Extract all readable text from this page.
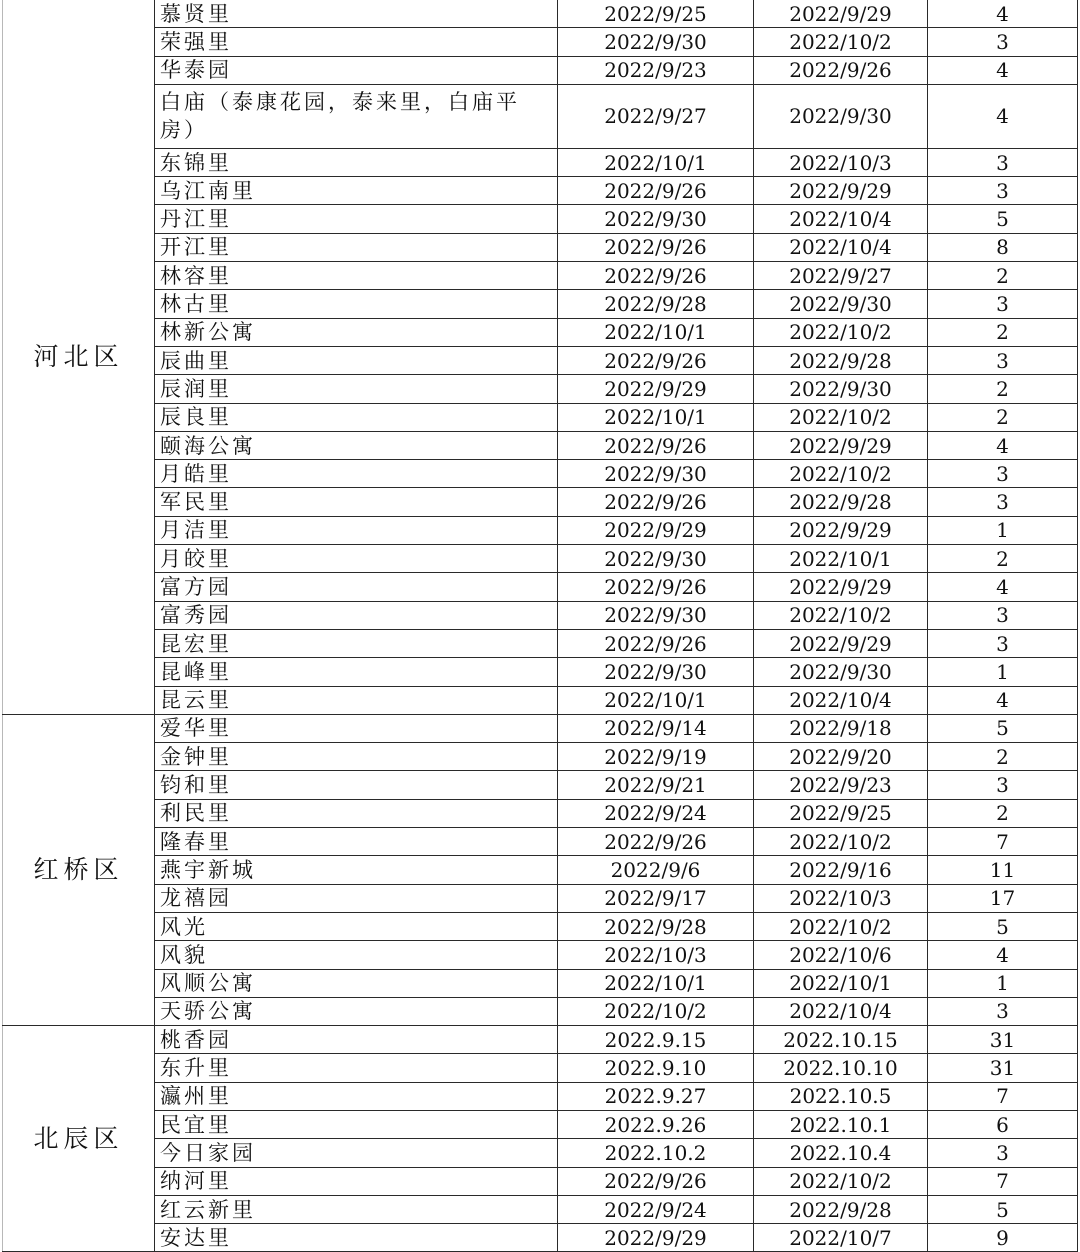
河北区	慕贤里	2022/9/25	2022/9/29	4
	荣强里	2022/9/30	2022/10/2	3
	华泰园	2022/9/23	2022/9/26	4
	白庙（泰康花园，泰来里，白庙平房）	2022/9/27	2022/9/30	4
	东锦里	2022/10/1	2022/10/3	3
	乌江南里	2022/9/26	2022/9/29	3
	丹江里	2022/9/30	2022/10/4	5
	开江里	2022/9/26	2022/10/4	8
	林容里	2022/9/26	2022/9/27	2
	林古里	2022/9/28	2022/9/30	3
	林新公寓	2022/10/1	2022/10/2	2
	辰曲里	2022/9/26	2022/9/28	3
	辰润里	2022/9/29	2022/9/30	2
	辰良里	2022/10/1	2022/10/2	2
	颐海公寓	2022/9/26	2022/9/29	4
	月皓里	2022/9/30	2022/10/2	3
	军民里	2022/9/26	2022/9/28	3
	月洁里	2022/9/29	2022/9/29	1
	月皎里	2022/9/30	2022/10/1	2
	富方园	2022/9/26	2022/9/29	4
	富秀园	2022/9/30	2022/10/2	3
	昆宏里	2022/9/26	2022/9/29	3
	昆峰里	2022/9/30	2022/9/30	1
	昆云里	2022/10/1	2022/10/4	4
红桥区	爱华里	2022/9/14	2022/9/18	5
	金钟里	2022/9/19	2022/9/20	2
	钧和里	2022/9/21	2022/9/23	3
	利民里	2022/9/24	2022/9/25	2
	隆春里	2022/9/26	2022/10/2	7
	燕宇新城	2022/9/6	2022/9/16	11
	龙禧园	2022/9/17	2022/10/3	17
	风光	2022/9/28	2022/10/2	5
	风貌	2022/10/3	2022/10/6	4
	风顺公寓	2022/10/1	2022/10/1	1
	天骄公寓	2022/10/2	2022/10/4	3
北辰区	桃香园	2022.9.15	2022.10.15	31
	东升里	2022.9.10	2022.10.10	31
	瀛州里	2022.9.27	2022.10.5	7
	民宜里	2022.9.26	2022.10.1	6
	今日家园	2022.10.2	2022.10.4	3
	纳河里	2022/9/26	2022/10/2	7
	红云新里	2022/9/24	2022/9/28	5
	安达里	2022/9/29	2022/10/7	9
